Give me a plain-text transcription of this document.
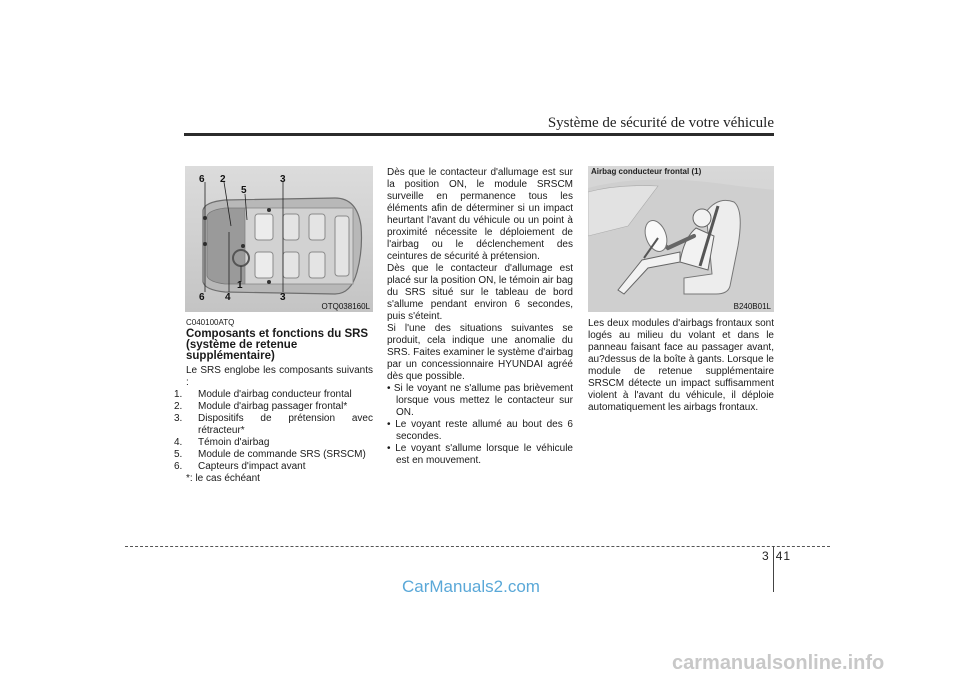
Système de sécurité de votre véhicule
6 2
5
3
1
6 4	3
OTQ038160L
Airbag conducteur frontal (1)
B240B01L
C040100ATQ
Composants et fonctions du SRS (système de retenue supplémentaire)

Le SRS englobe les composants suivants :

1. Module d'airbag conducteur frontal
2. Module d'airbag passager frontal*
3. Dispositifs de prétension avec rétracteur*
4. Témoin d'airbag
5. Module de commande SRS (SRSCM)
6. Capteurs d'impact avant
*: le cas échéant

Dès que le contacteur d'allumage est sur la position ON, le module SRSCM surveille en permanence tous les éléments afin de déterminer si un impact heurtant l'avant du véhicule ou un point à proximité nécessite le déploiement de l'airbag ou le déclenchement des ceintures de sécurité à prétension.

Dès que le contacteur d'allumage est placé sur la position ON, le témoin air bag du SRS situé sur le tableau de bord s'allume pendant environ 6 secondes, puis s'éteint.

Si l'une des situations suivantes se produit, cela indique une anomalie du SRS. Faites examiner le système d'airbag par un concessionnaire HYUNDAI agréé dès que possible.

• Si le voyant ne s'allume pas brièvement lorsque vous mettez le contacteur sur ON.
• Le voyant reste allumé au bout des 6 secondes.
• Le voyant s'allume lorsque le véhicule est en mouvement.

Les deux modules d'airbags frontaux sont logés au milieu du volant et dans le panneau faisant face au passager avant, au?dessus de la boîte à gants. Lorsque le module de retenue supplémentaire SRSCM détecte un impact suffisamment violent à l'avant du véhicule, il déploie automatiquement les airbags frontaux.

3 41
CarManuals2.com
carmanualsonline.info
